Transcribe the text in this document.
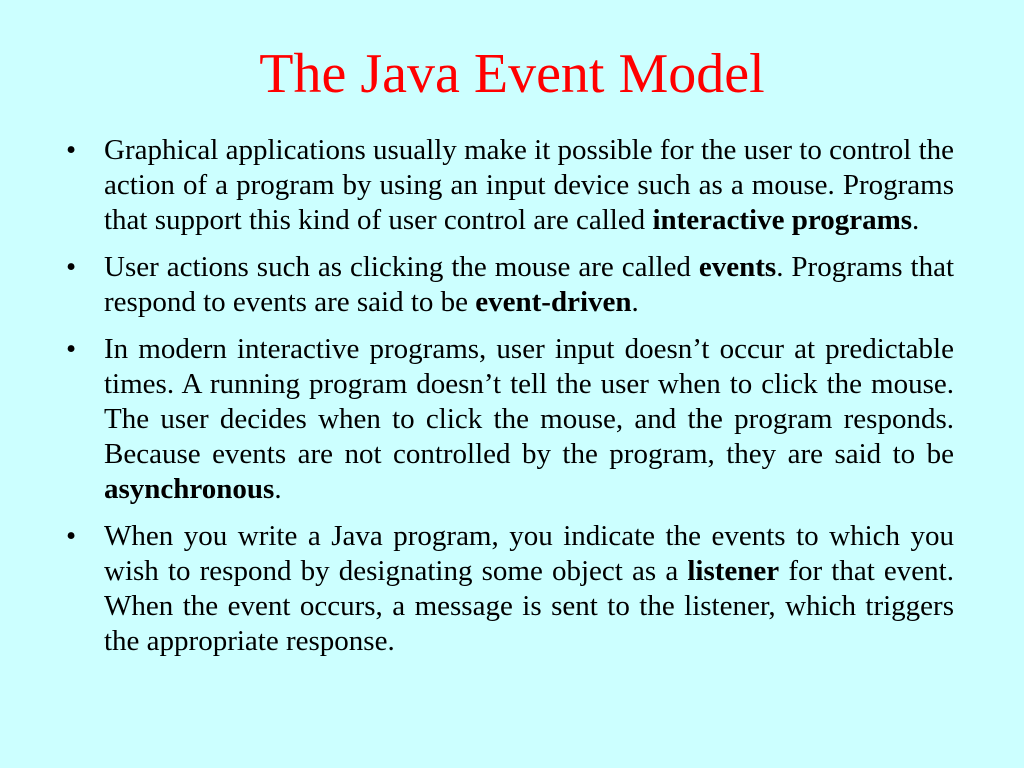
The Java Event Model
• Graphical applications usually make it possible for the user to control the action of a program by using an input device such as a mouse. Programs that support this kind of user control are called interactive programs.
• User actions such as clicking the mouse are called events. Programs that respond to events are said to be event-driven.
• In modern interactive programs, user input doesn’t occur at predictable times. A running program doesn’t tell the user when to click the mouse. The user decides when to click the mouse, and the program responds. Because events are not controlled by the program, they are said to be asynchronous.
• When you write a Java program, you indicate the events to which you wish to respond by designating some object as a listener for that event. When the event occurs, a message is sent to the listener, which triggers the appropriate response.
